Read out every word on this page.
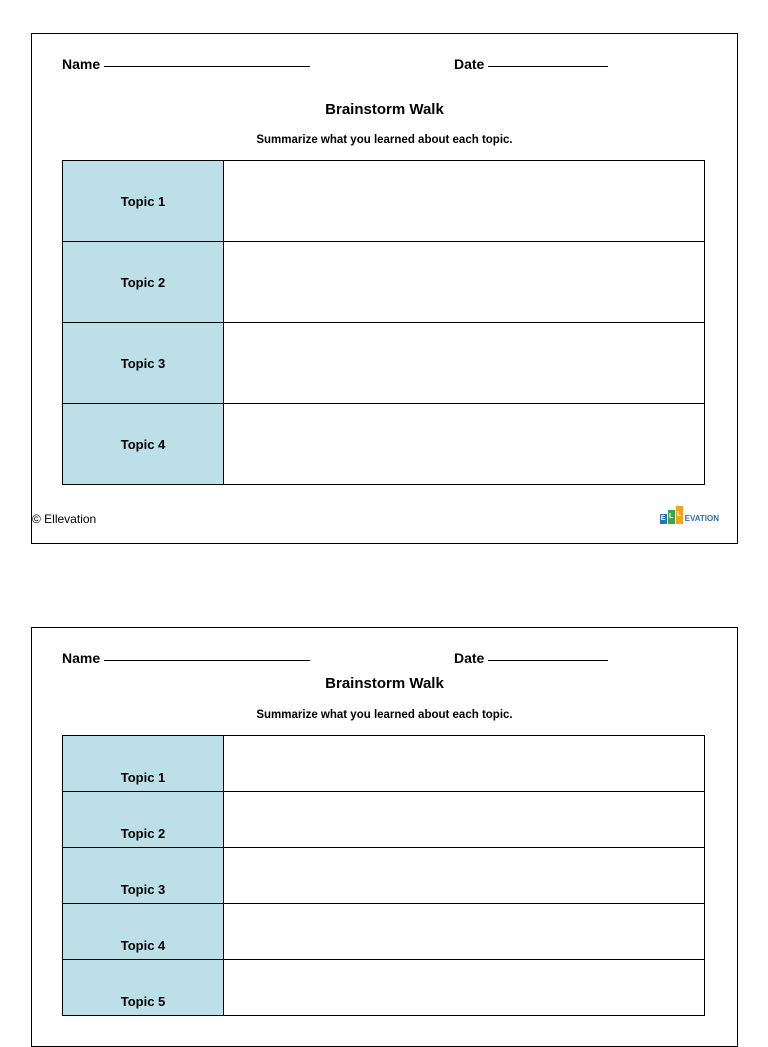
Name	Date
Brainstorm Walk
Summarize what you learned about each topic.
Topic 1	
Topic 2	
Topic 3	
Topic 4	
© Ellevation	E L L EVATION
Name	Date
Brainstorm Walk
Summarize what you learned about each topic.
Topic 1	
Topic 2	
Topic 3	
Topic 4	
Topic 5	
